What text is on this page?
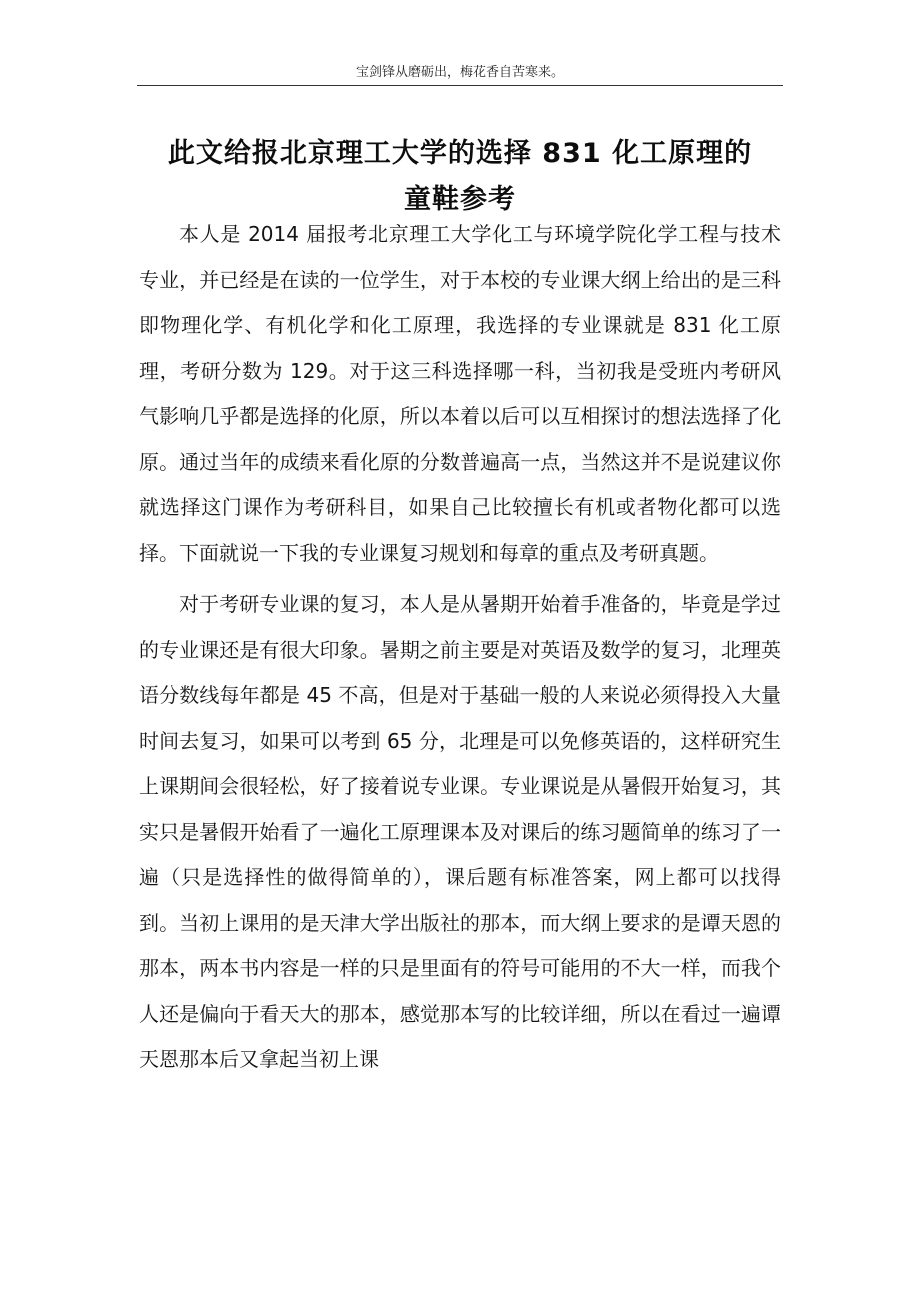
宝剑锋从磨砺出，梅花香自苦寒来。
此文给报北京理工大学的选择 831 化工原理的
童鞋参考

本人是 2014 届报考北京理工大学化工与环境学院化学工程与技术专业，并已经是在读的一位学生，对于本校的专业课大纲上给出的是三科即物理化学、有机化学和化工原理，我选择的专业课就是 831 化工原理，考研分数为 129。对于这三科选择哪一科，当初我是受班内考研风气影响几乎都是选择的化原，所以本着以后可以互相探讨的想法选择了化原。通过当年的成绩来看化原的分数普遍高一点，当然这并不是说建议你就选择这门课作为考研科目，如果自己比较擅长有机或者物化都可以选择。下面就说一下我的专业课复习规划和每章的重点及考研真题。

对于考研专业课的复习，本人是从暑期开始着手准备的，毕竟是学过的专业课还是有很大印象。暑期之前主要是对英语及数学的复习，北理英语分数线每年都是 45 不高，但是对于基础一般的人来说必须得投入大量时间去复习，如果可以考到 65 分，北理是可以免修英语的，这样研究生上课期间会很轻松，好了接着说专业课。专业课说是从暑假开始复习，其实只是暑假开始看了一遍化工原理课本及对课后的练习题简单的练习了一遍（只是选择性的做得简单的），课后题有标准答案，网上都可以找得到。当初上课用的是天津大学出版社的那本，而大纲上要求的是谭天恩的那本，两本书内容是一样的只是里面有的符号可能用的不大一样，而我个人还是偏向于看天大的那本，感觉那本写的比较详细，所以在看过一遍谭天恩那本后又拿起当初上课
